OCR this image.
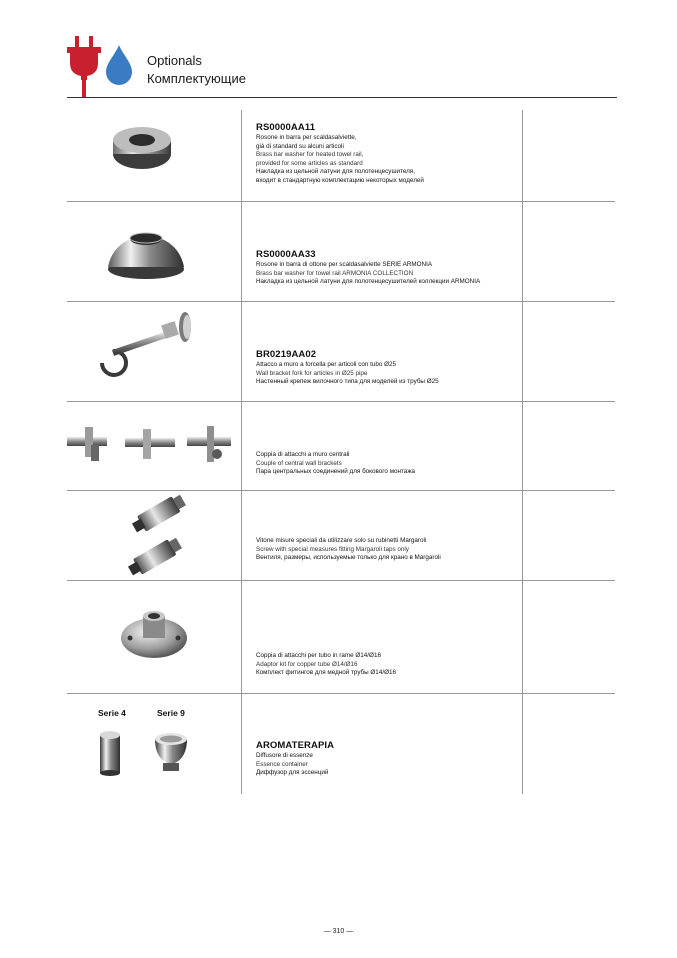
Optionals
Комплектующие

RS0000AA11

Rosone in barra per scaldasalviette,

già di standard su alcuni articoli

Brass bar washer for heated towel rail,

provided for some articles as standard

Накладка из цельной латуни для полотенцесушителя,

входит в стандартную комплектацию некоторых моделей

RS0000AA33

Rosone in barra di ottone per scaldasalviette SERIE ARMONIA

Brass bar washer for towel rail ARMONIA COLLECTION

Накладка из цельной латуни для полотенцесушителей коллекции ARMONIA

BR0219AA02

Attacco a muro a forcella per articoli con tubo Ø25

Wall bracket fork for articles in Ø25 pipe

Настенный крепеж вилочного типа для моделей из трубы Ø25

Coppia di attacchi a muro centrali

Couple of central wall brackets

Пара центральных соединений для бокового монтажа

Vitone misure speciali da utilizzare solo su rubinetti Margaroli

Screw with special measures fitting Margaroli taps only

Вентиля, размеры, используемые только для крано в Margaroli

Coppia di attacchi per tubo in rame Ø14/Ø16

Adaptor kit for copper tube Ø14/Ø16

Комплект фитингов для медной трубы Ø14/Ø16

Serie 4	Serie 9

AROMATERAPIA

Diffusore di essenze

Essence container

Диффузор для эссенций

— 310 —
